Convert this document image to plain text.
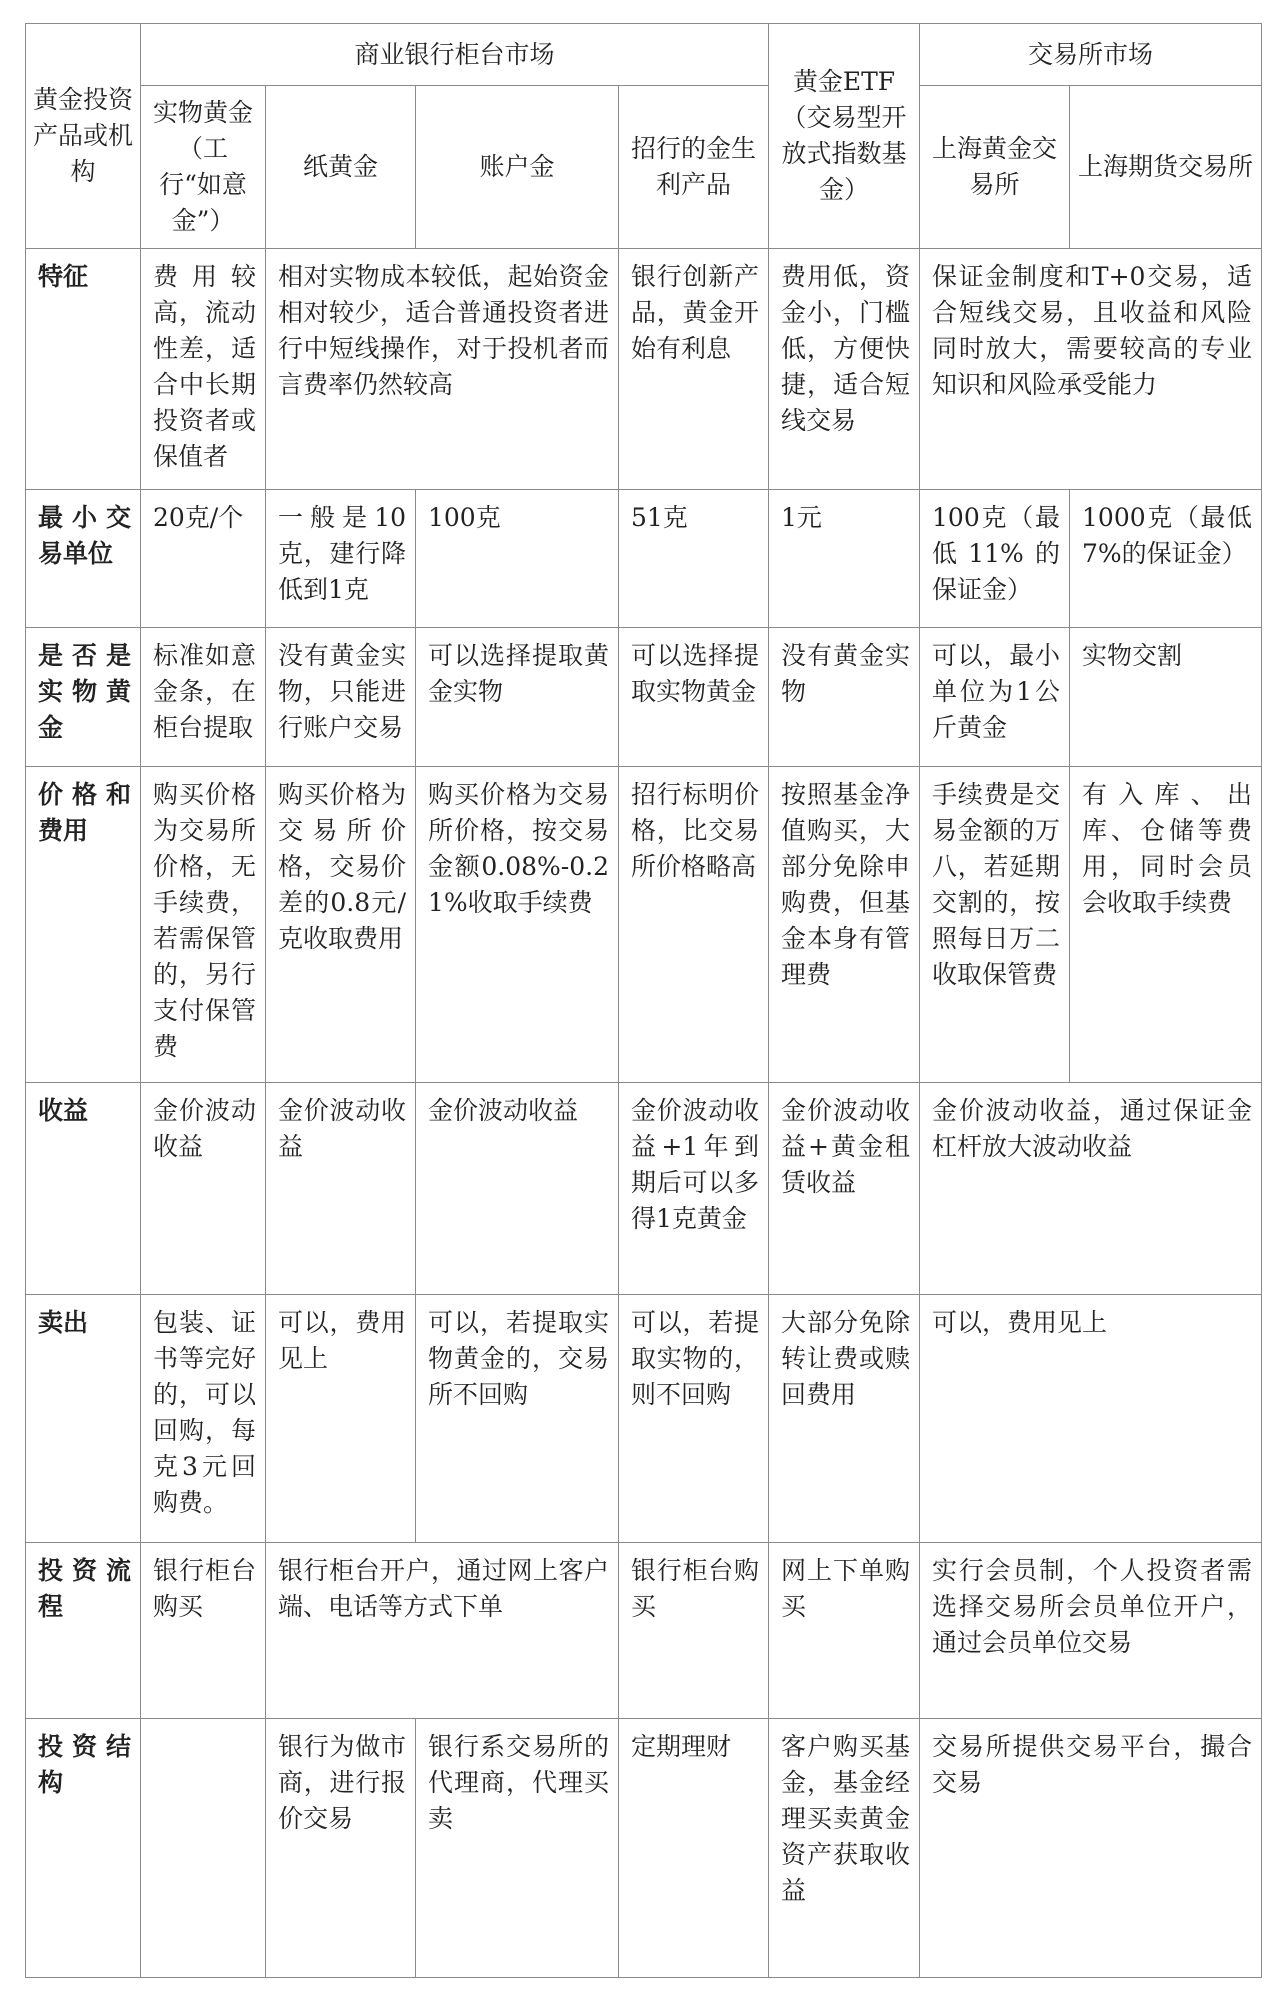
黄金投资产品或机构	商业银行柜台市场				黄金ETF（交易型开放式指数基金）	交易所市场	
	实物黄金（工行“如意金”）	纸黄金	账户金	招行的金生利产品		上海黄金交易所	上海期货交易所
特征	费用较高，流动性差，适合中长期投资者或保值者	相对实物成本较低，起始资金相对较少，适合普通投资者进行中短线操作，对于投机者而言费率仍然较高		银行创新产品，黄金开始有利息	费用低，资金小，门槛低，方便快捷，适合短线交易	保证金制度和T+0交易，适合短线交易，且收益和风险同时放大，需要较高的专业知识和风险承受能力	
最小交易单位	20克/个	一般是10克，建行降低到1克	100克	51克	1元	100克（最低11%的保证金）	1000克（最低7%的保证金）
是否是实物黄金	标准如意金条，在柜台提取	没有黄金实物，只能进行账户交易	可以选择提取黄金实物	可以选择提取实物黄金	没有黄金实物	可以，最小单位为1公斤黄金	实物交割
价格和费用	购买价格为交易所价格，无手续费，若需保管的，另行支付保管费	购买价格为交易所价格，交易价差的0.8元/克收取费用	购买价格为交易所价格，按交易金额0.08%-0.21%收取手续费	招行标明价格，比交易所价格略高	按照基金净值购买，大部分免除申购费，但基金本身有管理费	手续费是交易金额的万八，若延期交割的，按照每日万二收取保管费	有入库、出库、仓储等费用，同时会员会收取手续费
收益	金价波动收益	金价波动收益	金价波动收益	金价波动收益+1年到期后可以多得1克黄金	金价波动收益+黄金租赁收益	金价波动收益，通过保证金杠杆放大波动收益	
卖出	包装、证书等完好的，可以回购，每克3元回购费。	可以，费用见上	可以，若提取实物黄金的，交易所不回购	可以，若提取实物的，则不回购	大部分免除转让费或赎回费用	可以，费用见上	
投资流程	银行柜台购买	银行柜台开户，通过网上客户端、电话等方式下单		银行柜台购买	网上下单购买	实行会员制，个人投资者需选择交易所会员单位开户，通过会员单位交易	
投资结构		银行为做市商，进行报价交易	银行系交易所的代理商，代理买卖	定期理财	客户购买基金，基金经理买卖黄金资产获取收益	交易所提供交易平台，撮合交易	
